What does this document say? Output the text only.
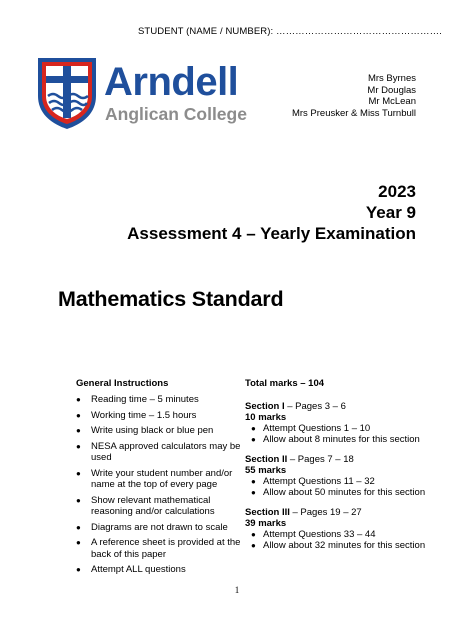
STUDENT (NAME / NUMBER): …………………………………………….
Arndell
Anglican College
Mrs Byrnes
Mr Douglas
Mr McLean
Mrs Preusker & Miss Turnbull
2023
Year 9
Assessment 4 – Yearly Examination
Mathematics Standard
General Instructions
● Reading time – 5 minutes
● Working time – 1.5 hours
● Write using black or blue pen
● NESA approved calculators may be used
● Write your student number and/or name at the top of every page
● Show relevant mathematical reasoning and/or calculations
● Diagrams are not drawn to scale
● A reference sheet is provided at the back of this paper
● Attempt ALL questions
Total marks – 104
Section I – Pages 3 – 6
10 marks
● Attempt Questions 1 – 10
● Allow about 8 minutes for this section
Section II – Pages 7 – 18
55 marks
● Attempt Questions 11 – 32
● Allow about 50 minutes for this section
Section III – Pages 19 – 27
39 marks
● Attempt Questions 33 – 44
● Allow about 32 minutes for this section
1
